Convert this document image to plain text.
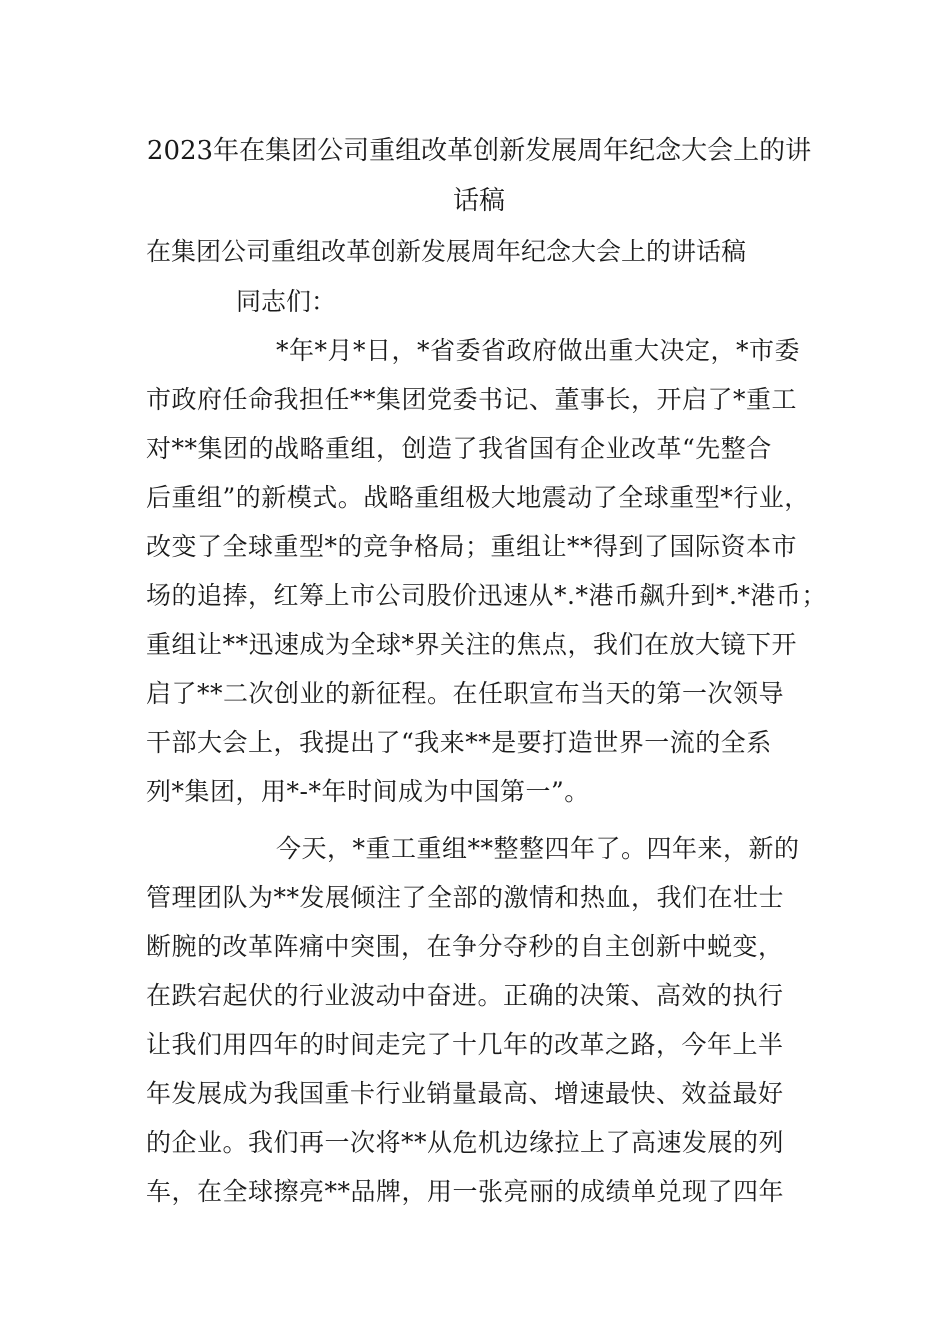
2023年在集团公司重组改革创新发展周年纪念大会上的讲话稿
在集团公司重组改革创新发展周年纪念大会上的讲话稿
同志们：
*年*月*日，*省委省政府做出重大决定，*市委
市政府任命我担任**集团党委书记、董事长，开启了*重工
对**集团的战略重组，创造了我省国有企业改革“先整合
后重组”的新模式。战略重组极大地震动了全球重型*行业，
改变了全球重型*的竞争格局；重组让**得到了国际资本市
场的追捧，红筹上市公司股价迅速从*.*港币飙升到*.*港币；
重组让**迅速成为全球*界关注的焦点，我们在放大镜下开
启了**二次创业的新征程。在任职宣布当天的第一次领导
干部大会上，我提出了“我来**是要打造世界一流的全系
列*集团，用*-*年时间成为中国第一”。
今天，*重工重组**整整四年了。四年来，新的
管理团队为**发展倾注了全部的激情和热血，我们在壮士
断腕的改革阵痛中突围，在争分夺秒的自主创新中蜕变，
在跌宕起伏的行业波动中奋进。正确的决策、高效的执行
让我们用四年的时间走完了十几年的改革之路，今年上半
年发展成为我国重卡行业销量最高、增速最快、效益最好
的企业。我们再一次将**从危机边缘拉上了高速发展的列
车，在全球擦亮**品牌，用一张亮丽的成绩单兑现了四年
